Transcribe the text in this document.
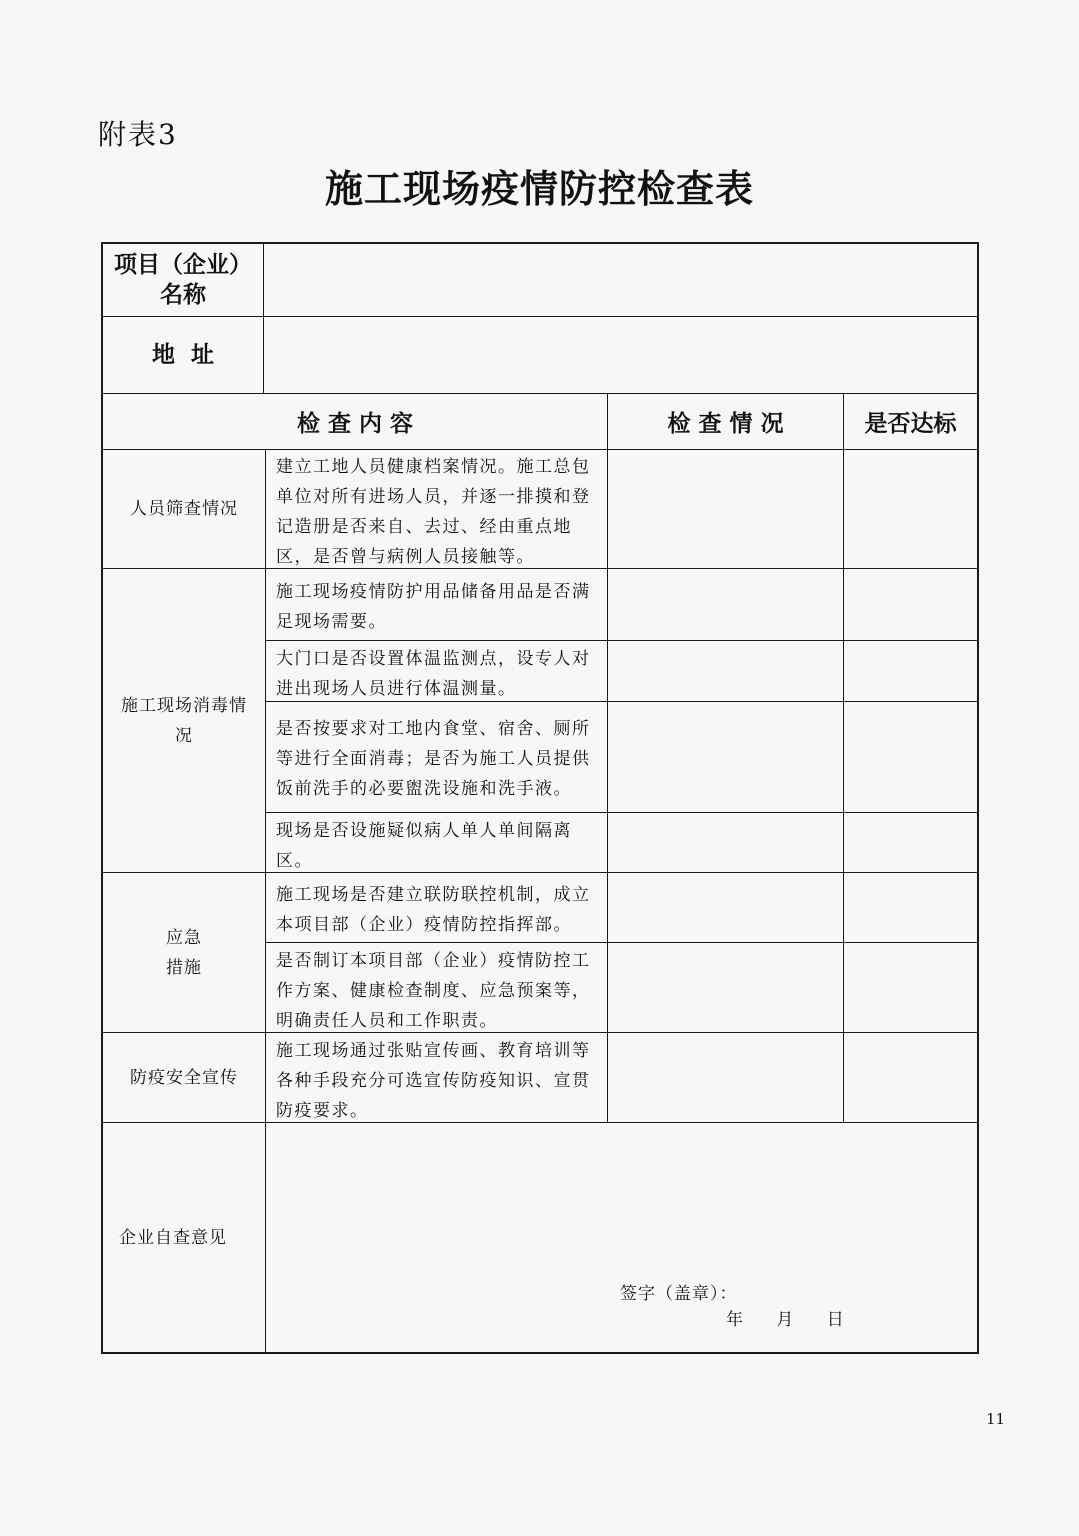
附表3
施工现场疫情防控检查表
项目（企业）名称
地  址
检 查 内 容	检 查 情 况	是否达标
人员筛查情况
施工现场消毒情况
应急措施
防疫安全宣传
建立工地人员健康档案情况。施工总包单位对所有进场人员，并逐一排摸和登记造册是否来自、去过、经由重点地区，是否曾与病例人员接触等。
施工现场疫情防护用品储备用品是否满足现场需要。
大门口是否设置体温监测点，设专人对进出现场人员进行体温测量。
是否按要求对工地内食堂、宿舍、厕所等进行全面消毒；是否为施工人员提供饭前洗手的必要盥洗设施和洗手液。
现场是否设施疑似病人单人单间隔离区。
施工现场是否建立联防联控机制，成立本项目部（企业）疫情防控指挥部。
是否制订本项目部（企业）疫情防控工作方案、健康检查制度、应急预案等，明确责任人员和工作职责。
施工现场通过张贴宣传画、教育培训等各种手段充分可选宣传防疫知识、宣贯防疫要求。
企业自查意见
签字（盖章）：
年 月 日
11
